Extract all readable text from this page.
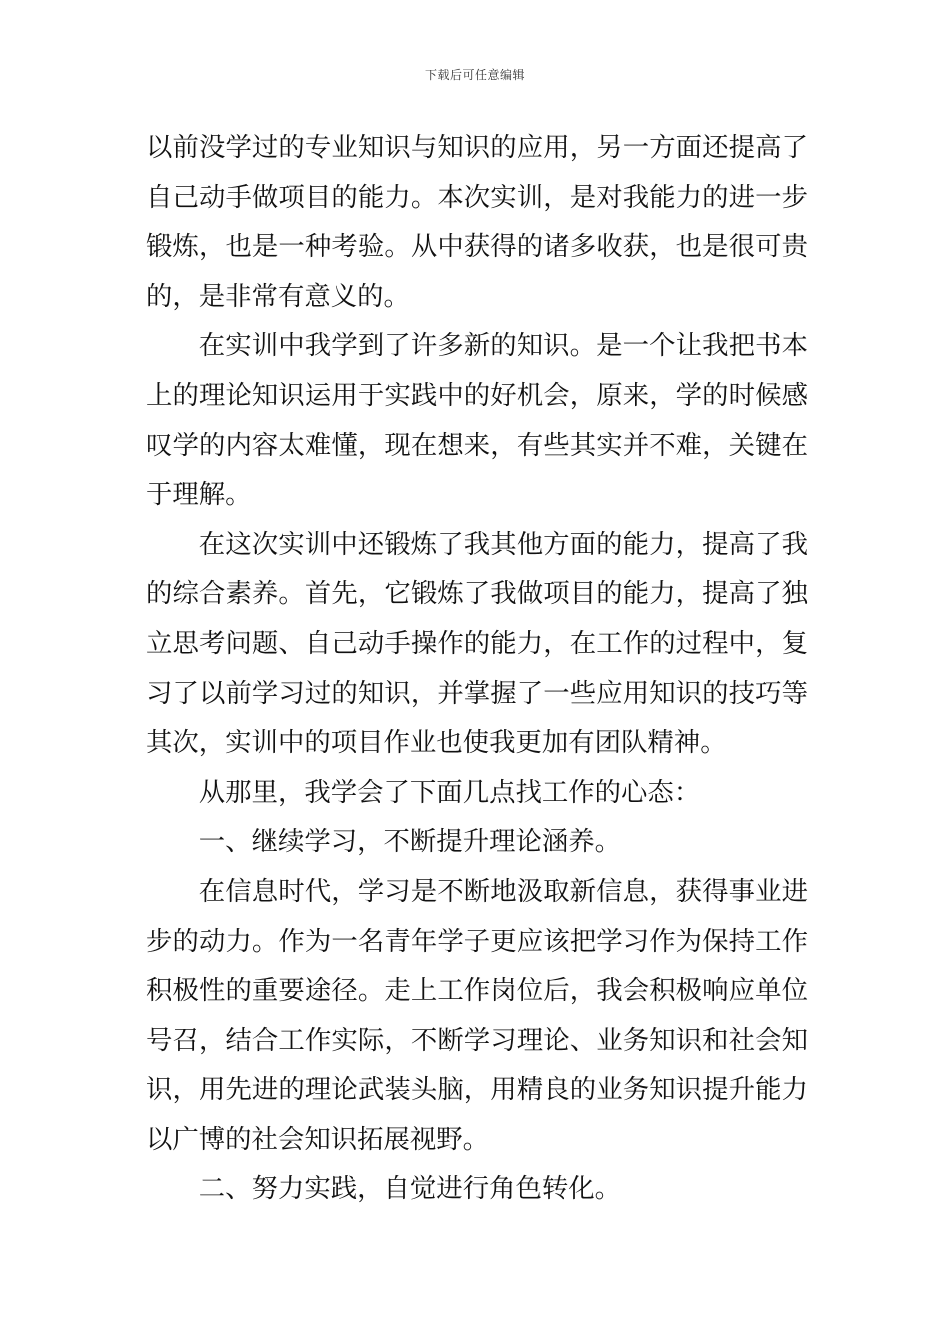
下载后可任意编辑

以前没学过的专业知识与知识的应用，另一方面还提高了自己动手做项目的能力。本次实训，是对我能力的进一步锻炼，也是一种考验。从中获得的诸多收获，也是很可贵的，是非常有意义的。

在实训中我学到了许多新的知识。是一个让我把书本上的理论知识运用于实践中的好机会，原来，学的时候感叹学的内容太难懂，现在想来，有些其实并不难，关键在于理解。

在这次实训中还锻炼了我其他方面的能力，提高了我的综合素养。首先，它锻炼了我做项目的能力，提高了独立思考问题、自己动手操作的能力，在工作的过程中，复习了以前学习过的知识，并掌握了一些应用知识的技巧等其次，实训中的项目作业也使我更加有团队精神。

从那里，我学会了下面几点找工作的心态：

一、继续学习，不断提升理论涵养。

在信息时代，学习是不断地汲取新信息，获得事业进步的动力。作为一名青年学子更应该把学习作为保持工作积极性的重要途径。走上工作岗位后，我会积极响应单位号召，结合工作实际，不断学习理论、业务知识和社会知识，用先进的理论武装头脑，用精良的业务知识提升能力以广博的社会知识拓展视野。

二、努力实践，自觉进行角色转化。
